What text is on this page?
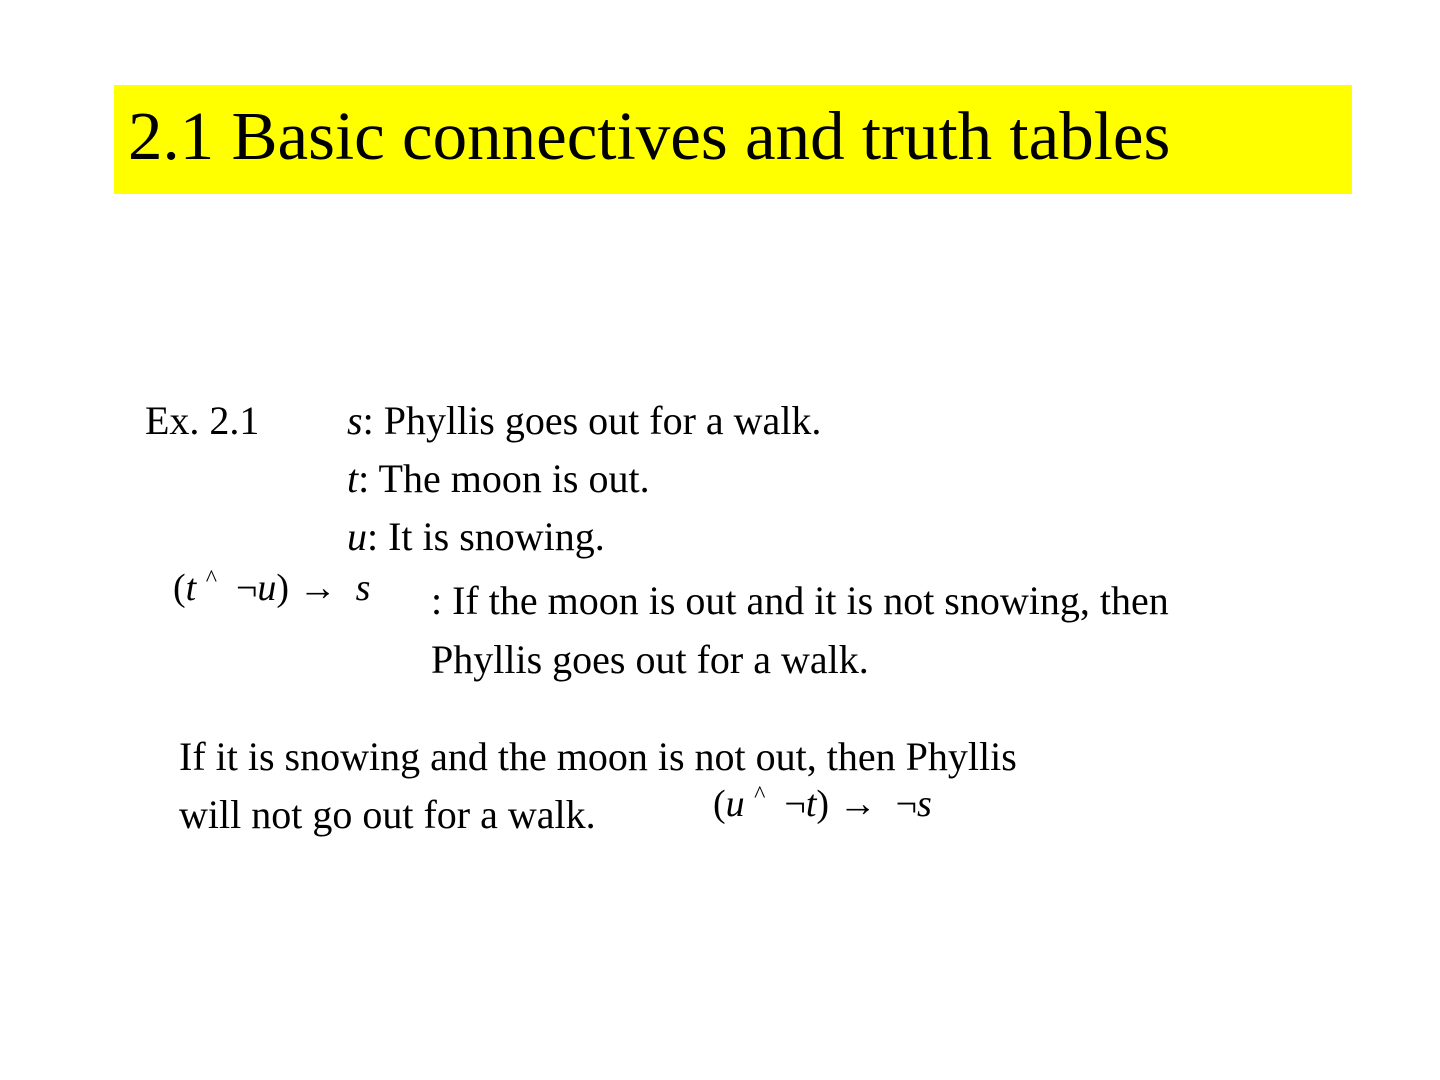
2.1 Basic connectives and truth tables
Ex. 2.1 s: Phyllis goes out for a walk.
t: The moon is out.
u: It is snowing.
(t ^ ¬u) → s : If the moon is out and it is not snowing, then
Phyllis goes out for a walk.
If it is snowing and the moon is not out, then Phyllis
will not go out for a walk.	(u ^ ¬t) → ¬s
